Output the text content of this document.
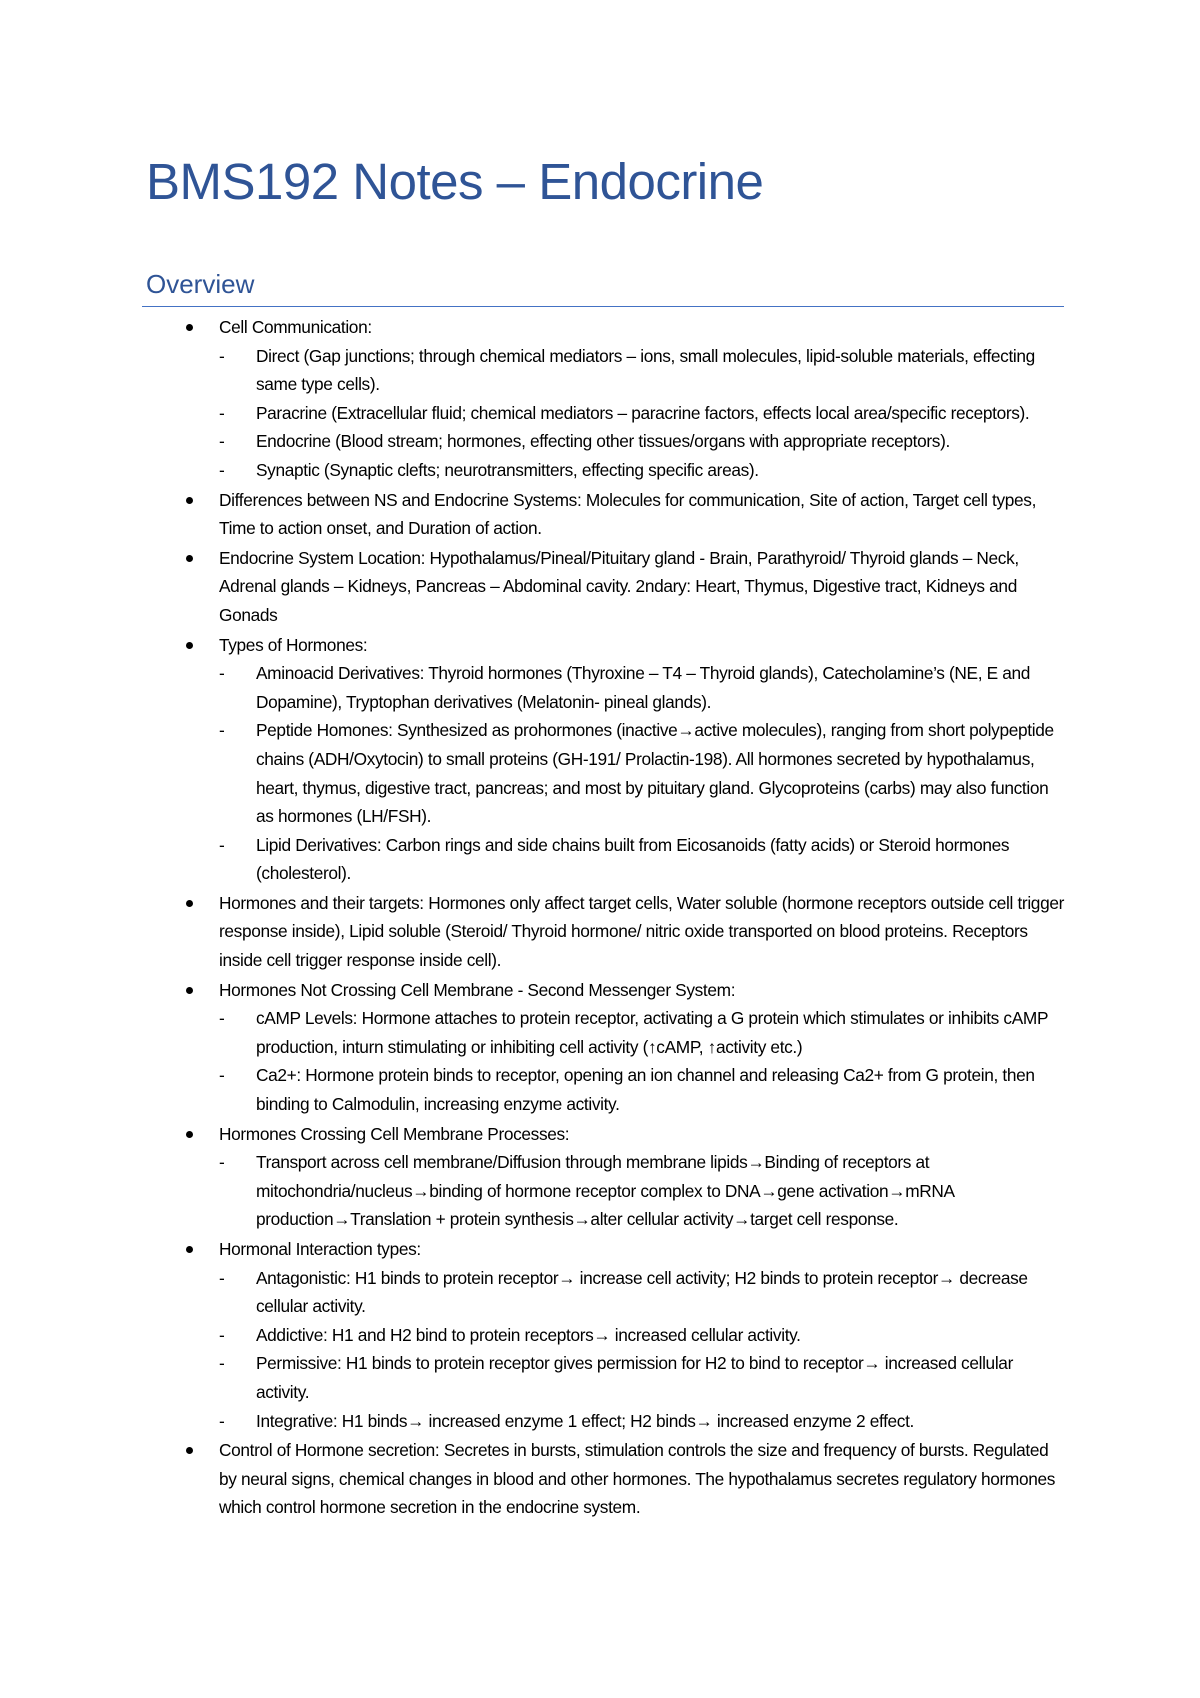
BMS192 Notes – Endocrine
Overview
Cell Communication:
- Direct (Gap junctions; through chemical mediators – ions, small molecules, lipid-soluble materials, effecting same type cells).
- Paracrine (Extracellular fluid; chemical mediators – paracrine factors, effects local area/specific receptors).
- Endocrine (Blood stream; hormones, effecting other tissues/organs with appropriate receptors).
- Synaptic (Synaptic clefts; neurotransmitters, effecting specific areas).
Differences between NS and Endocrine Systems: Molecules for communication, Site of action, Target cell types, Time to action onset, and Duration of action.
Endocrine System Location: Hypothalamus/Pineal/Pituitary gland - Brain, Parathyroid/ Thyroid glands – Neck, Adrenal glands – Kidneys, Pancreas – Abdominal cavity. 2ndary: Heart, Thymus, Digestive tract, Kidneys and Gonads
Types of Hormones:
- Aminoacid Derivatives: Thyroid hormones (Thyroxine – T4 – Thyroid glands), Catecholamine’s (NE, E and Dopamine), Tryptophan derivatives (Melatonin- pineal glands).
- Peptide Homones: Synthesized as prohormones (inactive→active molecules), ranging from short polypeptide chains (ADH/Oxytocin) to small proteins (GH-191/ Prolactin-198). All hormones secreted by hypothalamus, heart, thymus, digestive tract, pancreas; and most by pituitary gland. Glycoproteins (carbs) may also function as hormones (LH/FSH).
- Lipid Derivatives: Carbon rings and side chains built from Eicosanoids (fatty acids) or Steroid hormones (cholesterol).
Hormones and their targets: Hormones only affect target cells, Water soluble (hormone receptors outside cell trigger response inside), Lipid soluble (Steroid/ Thyroid hormone/ nitric oxide transported on blood proteins. Receptors inside cell trigger response inside cell).
Hormones Not Crossing Cell Membrane - Second Messenger System:
- cAMP Levels: Hormone attaches to protein receptor, activating a G protein which stimulates or inhibits cAMP production, inturn stimulating or inhibiting cell activity (↑cAMP, ↑activity etc.)
- Ca2+: Hormone protein binds to receptor, opening an ion channel and releasing Ca2+ from G protein, then binding to Calmodulin, increasing enzyme activity.
Hormones Crossing Cell Membrane Processes:
- Transport across cell membrane/Diffusion through membrane lipids→Binding of receptors at mitochondria/nucleus→binding of hormone receptor complex to DNA→gene activation→mRNA production→Translation + protein synthesis→alter cellular activity→target cell response.
Hormonal Interaction types:
- Antagonistic: H1 binds to protein receptor→ increase cell activity; H2 binds to protein receptor→ decrease cellular activity.
- Addictive: H1 and H2 bind to protein receptors→ increased cellular activity.
- Permissive: H1 binds to protein receptor gives permission for H2 to bind to receptor→ increased cellular activity.
- Integrative: H1 binds→ increased enzyme 1 effect; H2 binds→ increased enzyme 2 effect.
Control of Hormone secretion: Secretes in bursts, stimulation controls the size and frequency of bursts. Regulated by neural signs, chemical changes in blood and other hormones. The hypothalamus secretes regulatory hormones which control hormone secretion in the endocrine system.
